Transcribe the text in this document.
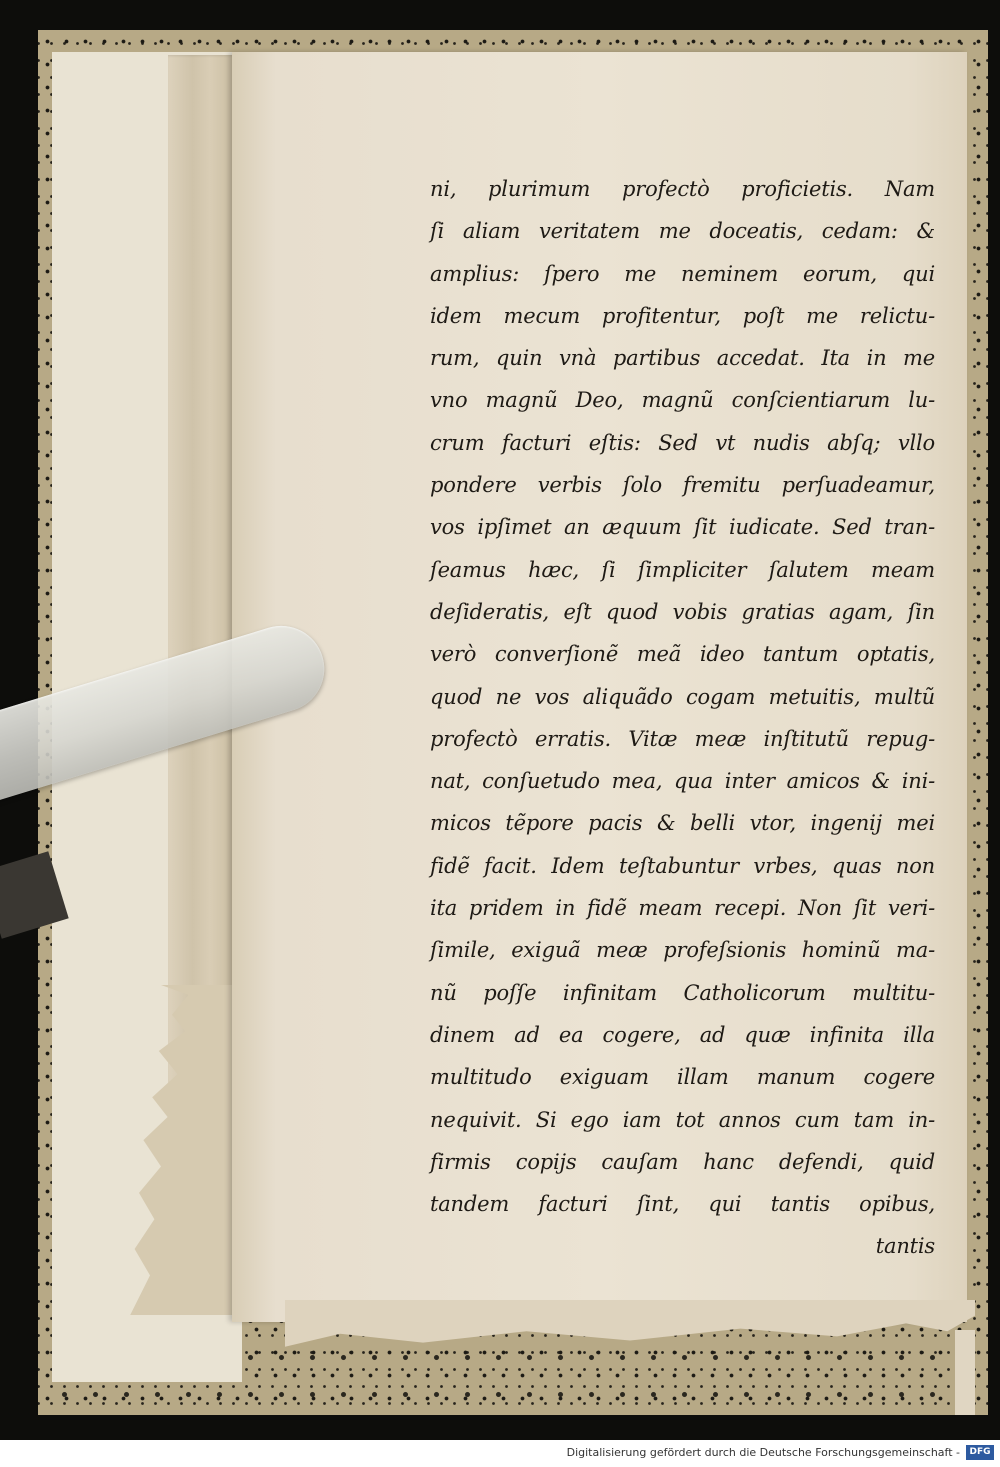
ni, plurimum profectò proficietis. Nam
ſi aliam veritatem me doceatis, cedam: &
amplius: ſpero me neminem eorum, qui
idem mecum profitentur, poſt me relictu-
rum, quin vnà partibus accedat. Ita in me
vno magnũ Deo, magnũ conſcientiarum lu-
crum facturi eſtis: Sed vt nudis abſq; vllo
pondere verbis ſolo fremitu perſuadeamur,
vos ipſimet an æquum ſit iudicate. Sed tran-
ſeamus hæc, ſi ſimpliciter ſalutem meam
deſideratis, eſt quod vobis gratias agam, ſin
verò converſionẽ meã ideo tantum optatis,
quod ne vos aliquãdo cogam metuitis, multũ
profectò erratis. Vitæ meæ inſtitutũ repug-
nat, conſuetudo mea, qua inter amicos & ini-
micos tẽpore pacis & belli vtor, ingenij mei
fidẽ facit. Idem teſtabuntur vrbes, quas non
ita pridem in fidẽ meam recepi. Non ſit veri-
ſimile, exiguã meæ profeſsionis hominũ ma-
nũ poſſe infinitam Catholicorum multitu-
dinem ad ea cogere, ad quæ infinita illa
multitudo exiguam illam manum cogere
nequivit. Si ego iam tot annos cum tam in-
firmis copijs cauſam hanc defendi, quid
tandem facturi ſint, qui tantis opibus,
tantis
Digitalisierung gefördert durch die Deutsche Forschungsgemeinschaft -	DFG
